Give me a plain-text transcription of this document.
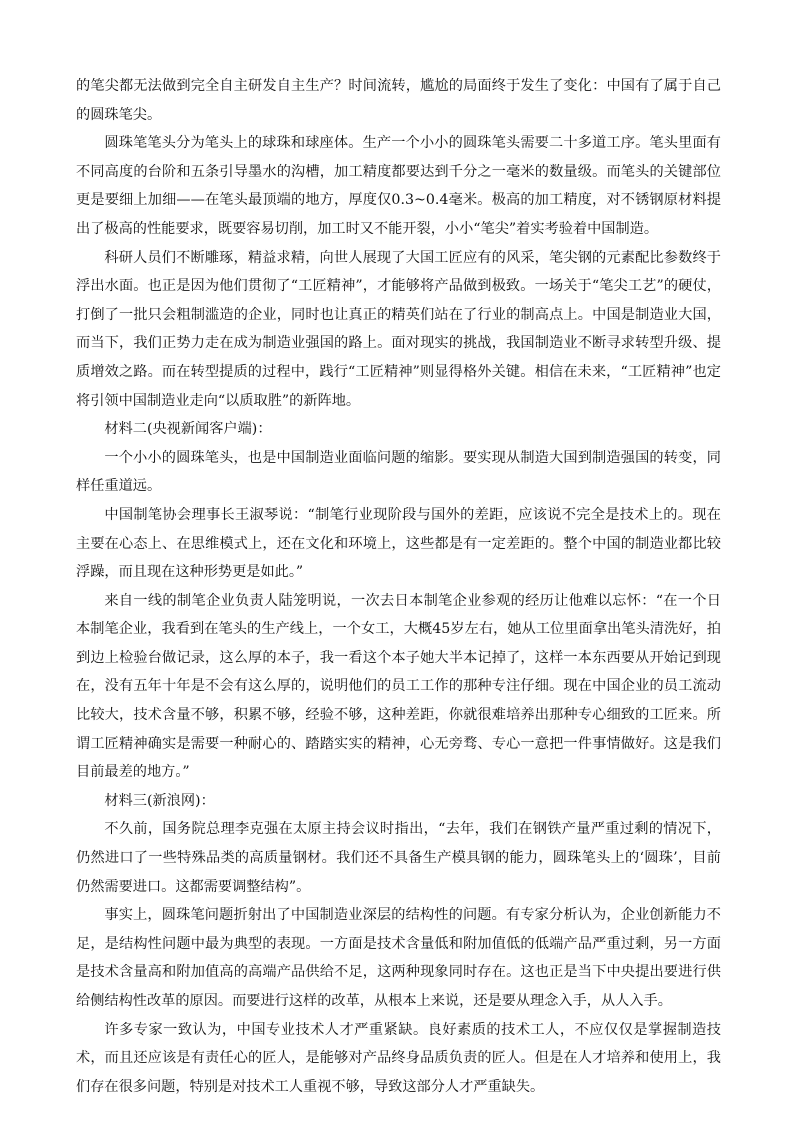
的笔尖都无法做到完全自主研发自主生产？时间流转，尴尬的局面终于发生了变化：中国有了属于自己的圆珠笔尖。

圆珠笔笔头分为笔头上的球珠和球座体。生产一个小小的圆珠笔头需要二十多道工序。笔头里面有不同高度的台阶和五条引导墨水的沟槽，加工精度都要达到千分之一毫米的数量级。而笔头的关键部位更是要细上加细——在笔头最顶端的地方，厚度仅0.3~0.4毫米。极高的加工精度，对不锈钢原材料提出了极高的性能要求，既要容易切削，加工时又不能开裂，小小“笔尖”着实考验着中国制造。

科研人员们不断雕琢，精益求精，向世人展现了大国工匠应有的风采，笔尖钢的元素配比参数终于浮出水面。也正是因为他们贯彻了“工匠精神”，才能够将产品做到极致。一场关于“笔尖工艺”的硬仗，打倒了一批只会粗制滥造的企业，同时也让真正的精英们站在了行业的制高点上。中国是制造业大国，而当下，我们正势力走在成为制造业强国的路上。面对现实的挑战，我国制造业不断寻求转型升级、提质增效之路。而在转型提质的过程中，践行“工匠精神”则显得格外关键。相信在未来，“工匠精神”也定将引领中国制造业走向“以质取胜”的新阵地。

材料二(央视新闻客户端)：

一个小小的圆珠笔头，也是中国制造业面临问题的缩影。要实现从制造大国到制造强国的转变，同样任重道远。

中国制笔协会理事长王淑琴说：“制笔行业现阶段与国外的差距，应该说不完全是技术上的。现在主要在心态上、在思维模式上，还在文化和环境上，这些都是有一定差距的。整个中国的制造业都比较浮躁，而且现在这种形势更是如此。”

来自一线的制笔企业负责人陆笼明说，一次去日本制笔企业参观的经历让他难以忘怀：“在一个日本制笔企业，我看到在笔头的生产线上，一个女工，大概45岁左右，她从工位里面拿出笔头清洗好，拍到边上检验台做记录，这么厚的本子，我一看这个本子她大半本记掉了，这样一本东西要从开始记到现在，没有五年十年是不会有这么厚的，说明他们的员工工作的那种专注仔细。现在中国企业的员工流动比较大，技术含量不够，积累不够，经验不够，这种差距，你就很难培养出那种专心细致的工匠来。所谓工匠精神确实是需要一种耐心的、踏踏实实的精神，心无旁骛、专心一意把一件事情做好。这是我们目前最差的地方。”

材料三(新浪网)：

不久前，国务院总理李克强在太原主持会议时指出，“去年，我们在钢铁产量严重过剩的情况下，仍然进口了一些特殊品类的高质量钢材。我们还不具备生产模具钢的能力，圆珠笔头上的‘圆珠’，目前仍然需要进口。这都需要调整结构”。

事实上，圆珠笔问题折射出了中国制造业深层的结构性的问题。有专家分析认为，企业创新能力不足，是结构性问题中最为典型的表现。一方面是技术含量低和附加值低的低端产品严重过剩，另一方面是技术含量高和附加值高的高端产品供给不足，这两种现象同时存在。这也正是当下中央提出要进行供给侧结构性改革的原因。而要进行这样的改革，从根本上来说，还是要从理念入手，从人入手。

许多专家一致认为，中国专业技术人才严重紧缺。良好素质的技术工人，不应仅仅是掌握制造技术，而且还应该是有责任心的匠人，是能够对产品终身品质负责的匠人。但是在人才培养和使用上，我们存在很多问题，特别是对技术工人重视不够，导致这部分人才严重缺失。
